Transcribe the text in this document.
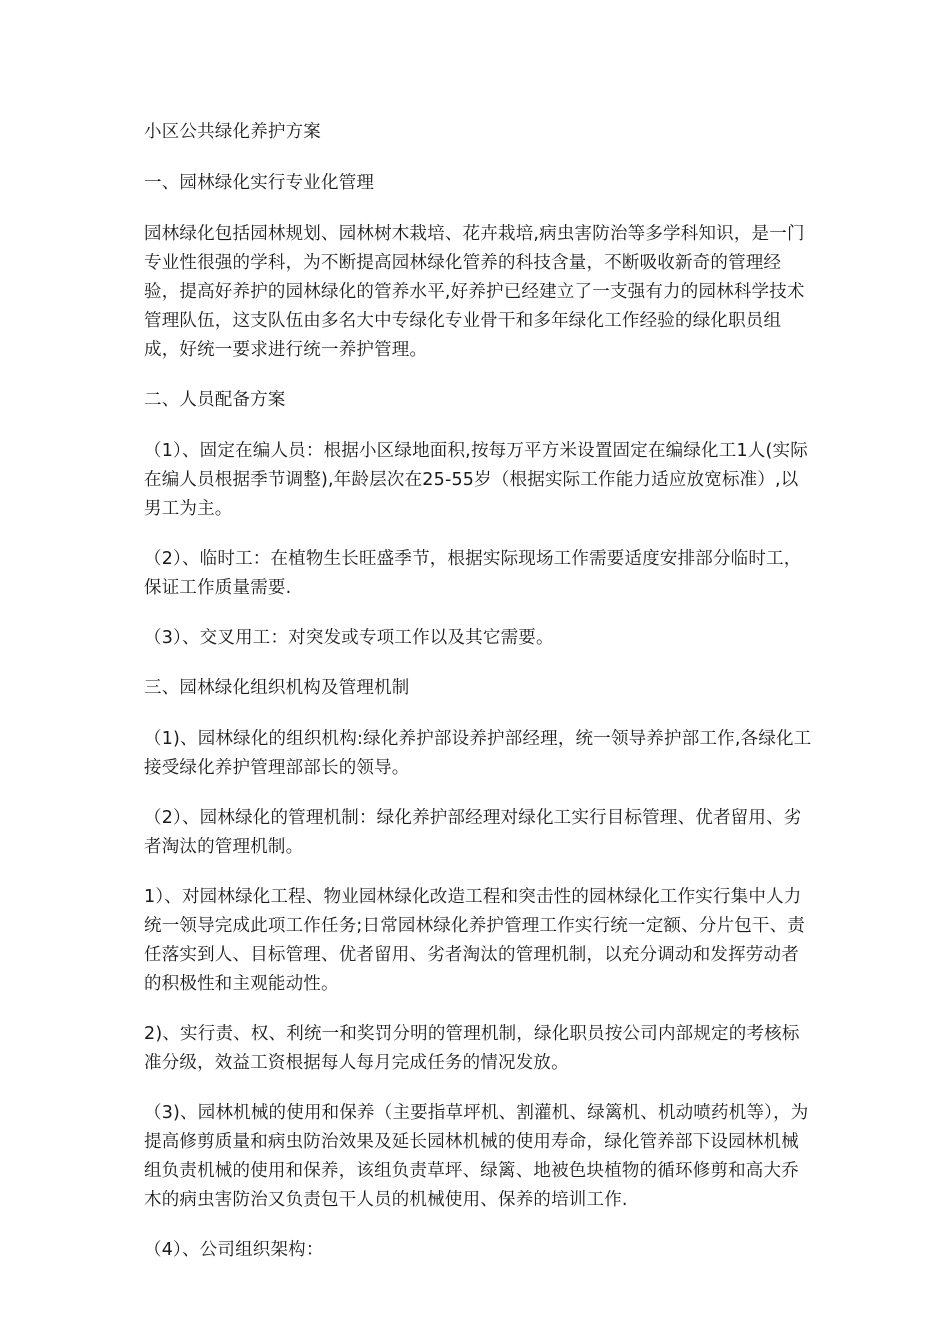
小区公共绿化养护方案

一、园林绿化实行专业化管理

园林绿化包括园林规划、园林树木栽培、花卉栽培,病虫害防治等多学科知识，是一门专业性很强的学科，为不断提高园林绿化管养的科技含量，不断吸收新奇的管理经验，提高好养护的园林绿化的管养水平,好养护已经建立了一支强有力的园林科学技术管理队伍，这支队伍由多名大中专绿化专业骨干和多年绿化工作经验的绿化职员组成，好统一要求进行统一养护管理。

二、人员配备方案

（1）、固定在编人员：根据小区绿地面积,按每万平方米设置固定在编绿化工1人(实际在编人员根据季节调整),年龄层次在25-55岁（根据实际工作能力适应放宽标准）,以男工为主。

（2）、临时工：在植物生长旺盛季节，根据实际现场工作需要适度安排部分临时工，保证工作质量需要.

（3）、交叉用工：对突发或专项工作以及其它需要。

三、园林绿化组织机构及管理机制

（1)、园林绿化的组织机构:绿化养护部设养护部经理，统一领导养护部工作,各绿化工接受绿化养护管理部部长的领导。

（2）、园林绿化的管理机制：绿化养护部经理对绿化工实行目标管理、优者留用、劣者淘汰的管理机制。

1）、对园林绿化工程、物业园林绿化改造工程和突击性的园林绿化工作实行集中人力统一领导完成此项工作任务;日常园林绿化养护管理工作实行统一定额、分片包干、责任落实到人、目标管理、优者留用、劣者淘汰的管理机制，以充分调动和发挥劳动者的积极性和主观能动性。

2)、实行责、权、利统一和奖罚分明的管理机制，绿化职员按公司内部规定的考核标准分级，效益工资根据每人每月完成任务的情况发放。

（3)、园林机械的使用和保养（主要指草坪机、割灌机、绿篱机、机动喷药机等），为提高修剪质量和病虫防治效果及延长园林机械的使用寿命，绿化管养部下设园林机械组负责机械的使用和保养，该组负责草坪、绿篱、地被色块植物的循环修剪和高大乔木的病虫害防治又负责包干人员的机械使用、保养的培训工作.

（4）、公司组织架构：
